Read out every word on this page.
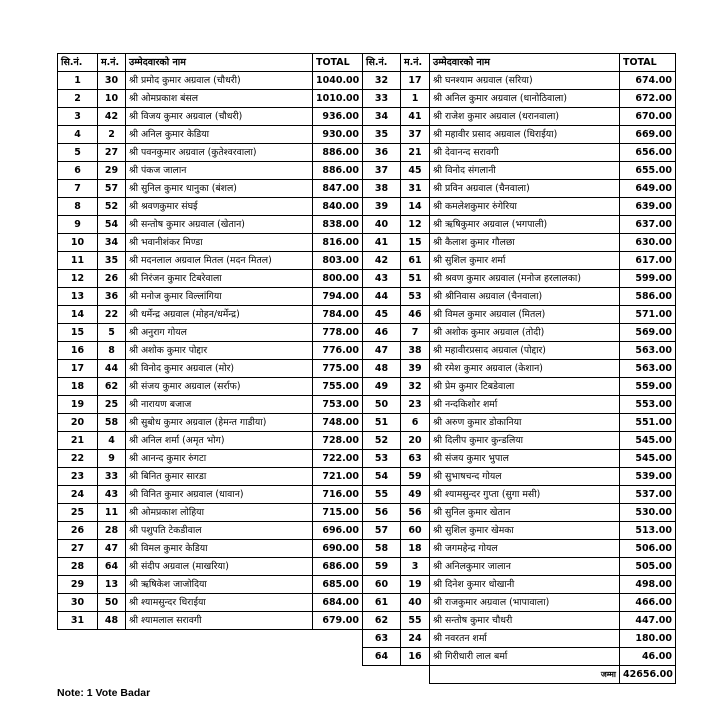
सि.नं.	म.नं.	उम्मेदवारको नाम	TOTAL
1	30	श्री प्रमोद कुमार अग्रवाल (चौधरी)	1040.00
2	10	श्री ओमप्रकाश बंसल	1010.00
3	42	श्री विजय कुमार अग्रवाल (चौधरी)	936.00
4	2	श्री अनिल कुमार केडिया	930.00
5	27	श्री पवनकुमार अग्रवाल (कुतेश्वरवाला)	886.00
6	29	श्री पंकज जालान	886.00
7	57	श्री सुनिल कुमार धानुका (बंशल)	847.00
8	52	श्री श्रवणकुमार संघई	840.00
9	54	श्री सन्तोष कुमार अग्रवाल (खेतान)	838.00
10	34	श्री भवानीशंकर मिण्डा	816.00
11	35	श्री मदनलाल अग्रवाल मितल (मदन मितल)	803.00
12	26	श्री निरंजन कुमार टिबरेवाला	800.00
13	36	श्री मनोज कुमार विल्लांगिया	794.00
14	22	श्री धर्मेन्द्र अग्रवाल (मोहन/धर्मेन्द्र)	784.00
15	5	श्री अनुराग गोयल	778.00
16	8	श्री अशोक कुमार पोद्दार	776.00
17	44	श्री विनोद कुमार अग्रवाल (मोर)	775.00
18	62	श्री संजय कुमार अग्रवाल (सर्राफ)	755.00
19	25	श्री नारायण बजाज	753.00
20	58	श्री सुबोध कुमार अग्रवाल (हेमन्त गाडीया)	748.00
21	4	श्री अनिल शर्मा (अमृत भोग)	728.00
22	9	श्री आनन्द कुमार रुंगटा	722.00
23	33	श्री बिनित कुमार सारडा	721.00
24	43	श्री विनित कुमार अग्रवाल (धावान)	716.00
25	11	श्री ओमप्रकाश लोहिया	715.00
26	28	श्री पशुपति टेकडीवाल	696.00
27	47	श्री विमल कुमार केडिया	690.00
28	64	श्री संदीप अग्रवाल (माखरिया)	686.00
29	13	श्री ऋषिकेश जाजोदिया	685.00
30	50	श्री श्यामसुन्दर धिराईया	684.00
31	48	श्री श्यामलाल सरावगी	679.00
सि.नं.	म.नं.	उम्मेदवारको नाम	TOTAL
32	17	श्री घनश्याम अग्रवाल (सरिया)	674.00
33	1	श्री अनिल कुमार अग्रवाल (धानोठिवाला)	672.00
34	41	श्री राजेश कुमार अग्रवाल (धरानवाला)	670.00
35	37	श्री महावीर प्रसाद अग्रवाल (धिराईया)	669.00
36	21	श्री देवानन्द सरावगी	656.00
37	45	श्री विनोद संगलानी	655.00
38	31	श्री प्रविन अग्रवाल (चैनवाला)	649.00
39	14	श्री कमलेशकुमार रुंगेरिया	639.00
40	12	श्री ऋषिकुमार अग्रवाल (भगपाली)	637.00
41	15	श्री कैलाश कुमार गौलछा	630.00
42	61	श्री सुशिल कुमार शर्मा	617.00
43	51	श्री श्रवण कुमार अग्रवाल (मनोज हरलालका)	599.00
44	53	श्री श्रीनिवास अग्रवाल (चैनवाला)	586.00
45	46	श्री विमल कुमार अग्रवाल (मितल)	571.00
46	7	श्री अशोक कुमार अग्रवाल (तोदी)	569.00
47	38	श्री महावीरप्रसाद अग्रवाल (पोद्दार)	563.00
48	39	श्री रमेश कुमार अग्रवाल (केशान)	563.00
49	32	श्री प्रेम कुमार टिबडेवाला	559.00
50	23	श्री नन्दकिशोर शर्मा	553.00
51	6	श्री अरुण कुमार डोकानिया	551.00
52	20	श्री दिलीप कुमार कुन्डलिया	545.00
53	63	श्री संजय कुमार भुपाल	545.00
54	59	श्री सुभाषचन्द गोयल	539.00
55	49	श्री श्यामसुन्दर गुप्ता (सुगा मसी)	537.00
56	56	श्री सुनिल कुमार खेतान	530.00
57	60	श्री सुशिल कुमार खेमका	513.00
58	18	श्री जगमहेन्द्र गोयल	506.00
59	3	श्री अनिलकुमार जालान	505.00
60	19	श्री दिनेश कुमार धोखानी	498.00
61	40	श्री राजकुमार अग्रवाल (भापावाला)	466.00
62	55	श्री सन्तोष कुमार चौधरी	447.00
63	24	श्री नवरतन शर्मा	180.00
64	16	श्री गिरीधारी लाल बर्मा	46.00
		जम्मा	42656.00
Note: 1 Vote Badar
